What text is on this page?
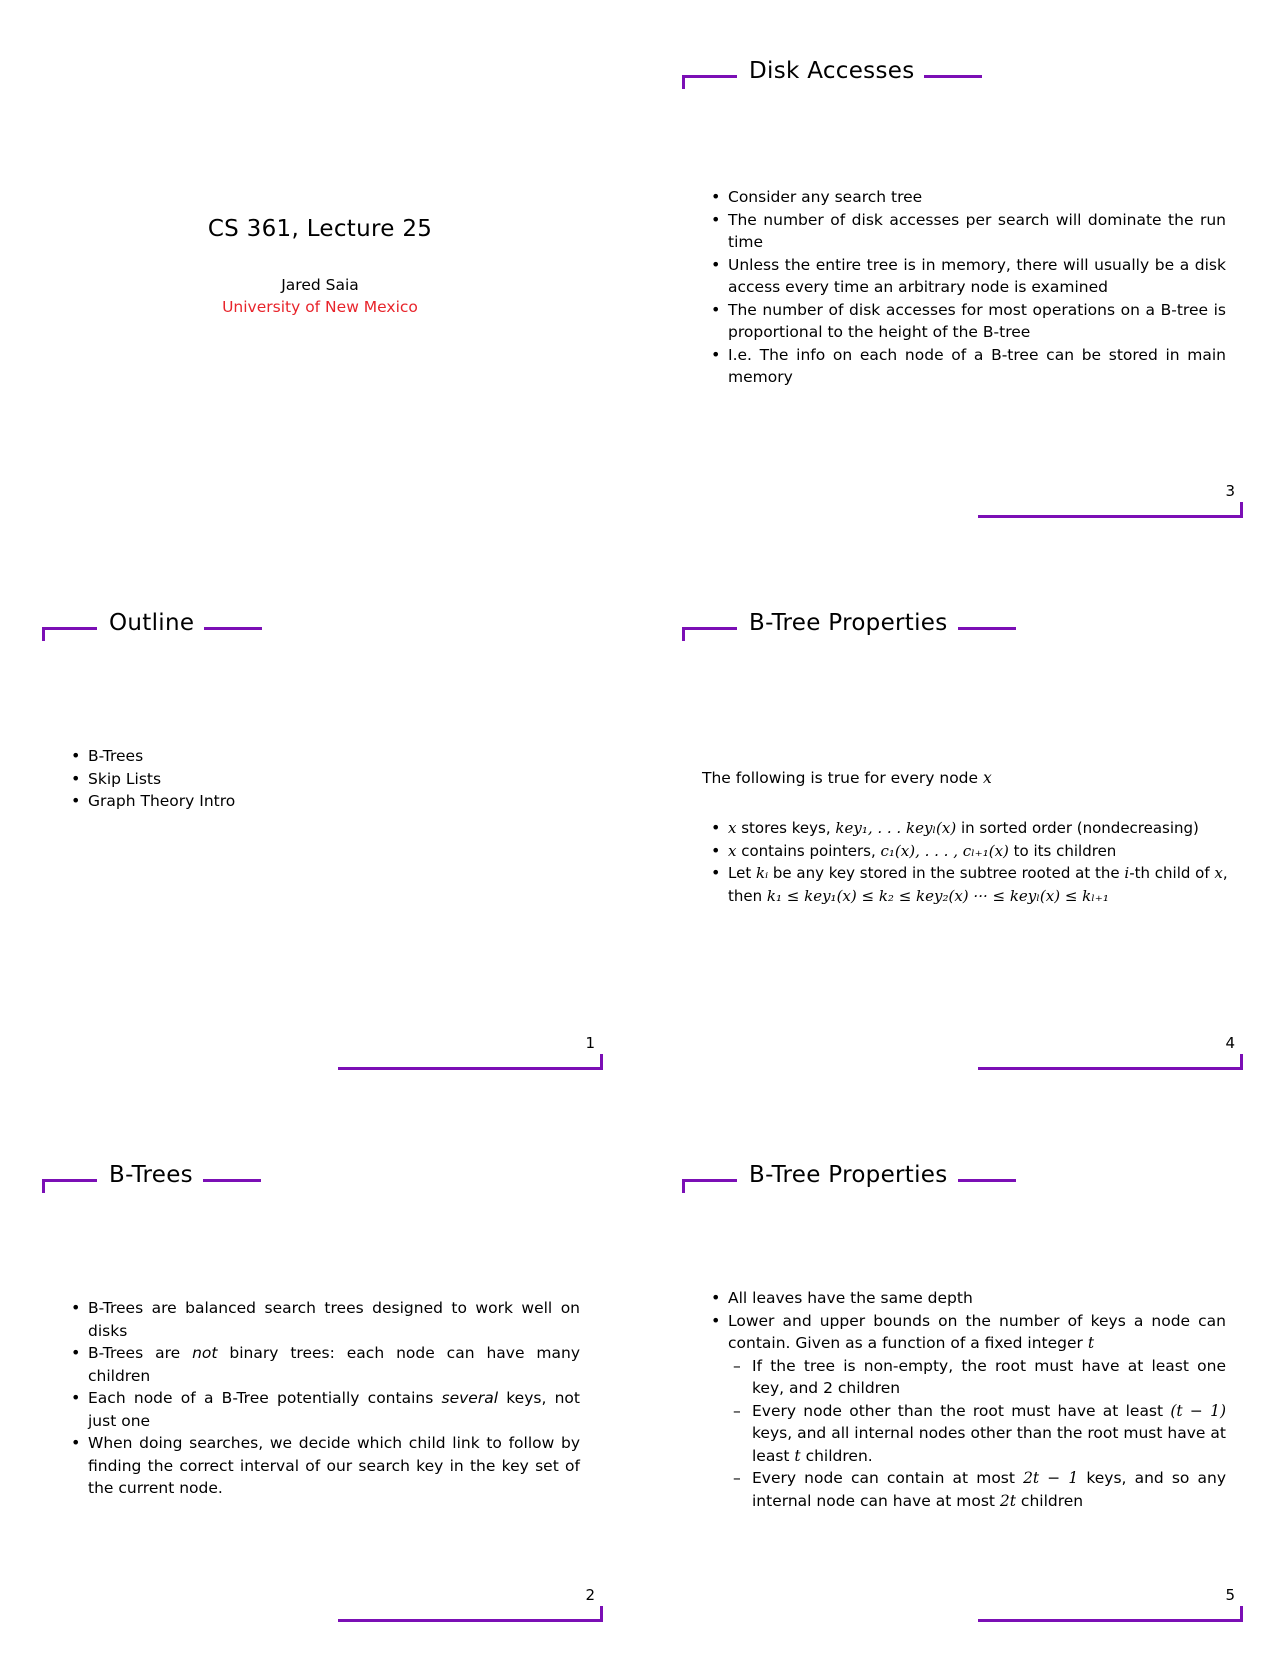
CS 361, Lecture 25
Jared Saia
University of New Mexico
Outline
• B-Trees
• Skip Lists
• Graph Theory Intro
1
B-Trees
• B-Trees are balanced search trees designed to work well on disks
• B-Trees are not binary trees: each node can have many children
• Each node of a B-Tree potentially contains several keys, not just one
• When doing searches, we decide which child link to follow by finding the correct interval of our search key in the key set of the current node.
2
Disk Accesses
• Consider any search tree
• The number of disk accesses per search will dominate the run time
• Unless the entire tree is in memory, there will usually be a disk access every time an arbitrary node is examined
• The number of disk accesses for most operations on a B-tree is proportional to the height of the B-tree
• I.e. The info on each node of a B-tree can be stored in main memory
3
B-Tree Properties
The following is true for every node x
• x stores keys, key₁, . . . keyₗ(x) in sorted order (nondecreasing)
• x contains pointers, c₁(x), . . . , cₗ₊₁(x) to its children
• Let kᵢ be any key stored in the subtree rooted at the i-th child of x, then k₁ ≤ key₁(x) ≤ k₂ ≤ key₂(x) ··· ≤ keyₗ(x) ≤ kₗ₊₁
4
B-Tree Properties
• All leaves have the same depth
• Lower and upper bounds on the number of keys a node can contain. Given as a function of a fixed integer t
– If the tree is non-empty, the root must have at least one key, and 2 children
– Every node other than the root must have at least (t − 1) keys, and all internal nodes other than the root must have at least t children.
– Every node can contain at most 2t − 1 keys, and so any internal node can have at most 2t children
5
